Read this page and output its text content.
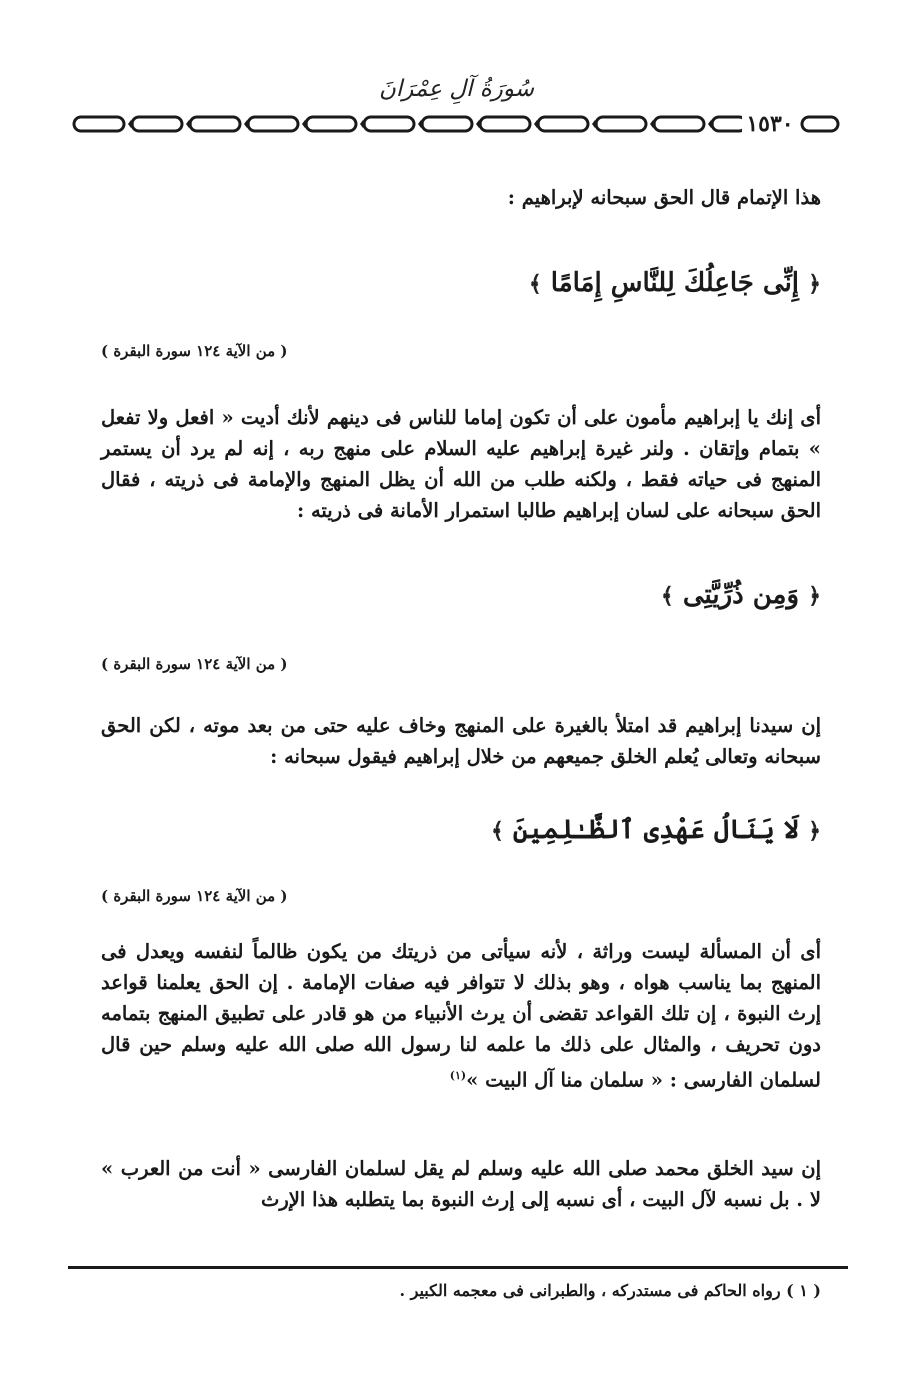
سُورَةُ آلِ عِمْرَانَ
١٥٣٠
هذا الإتمام قال الحق سبحانه لإبراهيم :
﴿ إِنِّى جَاعِلُكَ لِلنَّاسِ إِمَامًا ﴾
( من الآية ١٢٤ سورة البقرة )
أى إنك يا إبراهيم مأمون على أن تكون إماما للناس فى دينهم لأنك أديت « افعل ولا تفعل » بتمام وإتقان . ولنر غيرة إبراهيم عليه السلام على منهج ربه ، إنه لم يرد أن يستمر المنهج فى حياته فقط ، ولكنه طلب من الله أن يظل المنهج والإمامة فى ذريته ، فقال الحق سبحانه على لسان إبراهيم طالبا استمرار الأمانة فى ذريته :
﴿ وَمِن ذُرِّيَّتِى ﴾
( من الآية ١٢٤ سورة البقرة )
إن سيدنا إبراهيم قد امتلأ بالغيرة على المنهج وخاف عليه حتى من بعد موته ، لكن الحق سبحانه وتعالى يُعلم الخلق جميعهم من خلال إبراهيم فيقول سبحانه :
﴿ لَا يَنَالُ عَهْدِى ٱلظَّـٰلِمِينَ ﴾
( من الآية ١٢٤ سورة البقرة )
أى أن المسألة ليست وراثة ، لأنه سيأتى من ذريتك من يكون ظالماً لنفسه ويعدل فى المنهج بما يناسب هواه ، وهو بذلك لا تتوافر فيه صفات الإمامة . إن الحق يعلمنا قواعد إرث النبوة ، إن تلك القواعد تقضى أن يرث الأنبياء من هو قادر على تطبيق المنهج بتمامه دون تحريف ، والمثال على ذلك ما علمه لنا رسول الله صلى الله عليه وسلم حين قال لسلمان الفارسى : « سلمان منا آل البيت »$^{(١)}$
إن سيد الخلق محمد صلى الله عليه وسلم لم يقل لسلمان الفارسى « أنت من العرب » لا . بل نسبه لآل البيت ، أى نسبه إلى إرث النبوة بما يتطلبه هذا الإرث
( ١ ) رواه الحاكم فى مستدركه ، والطبرانى فى معجمه الكبير .
